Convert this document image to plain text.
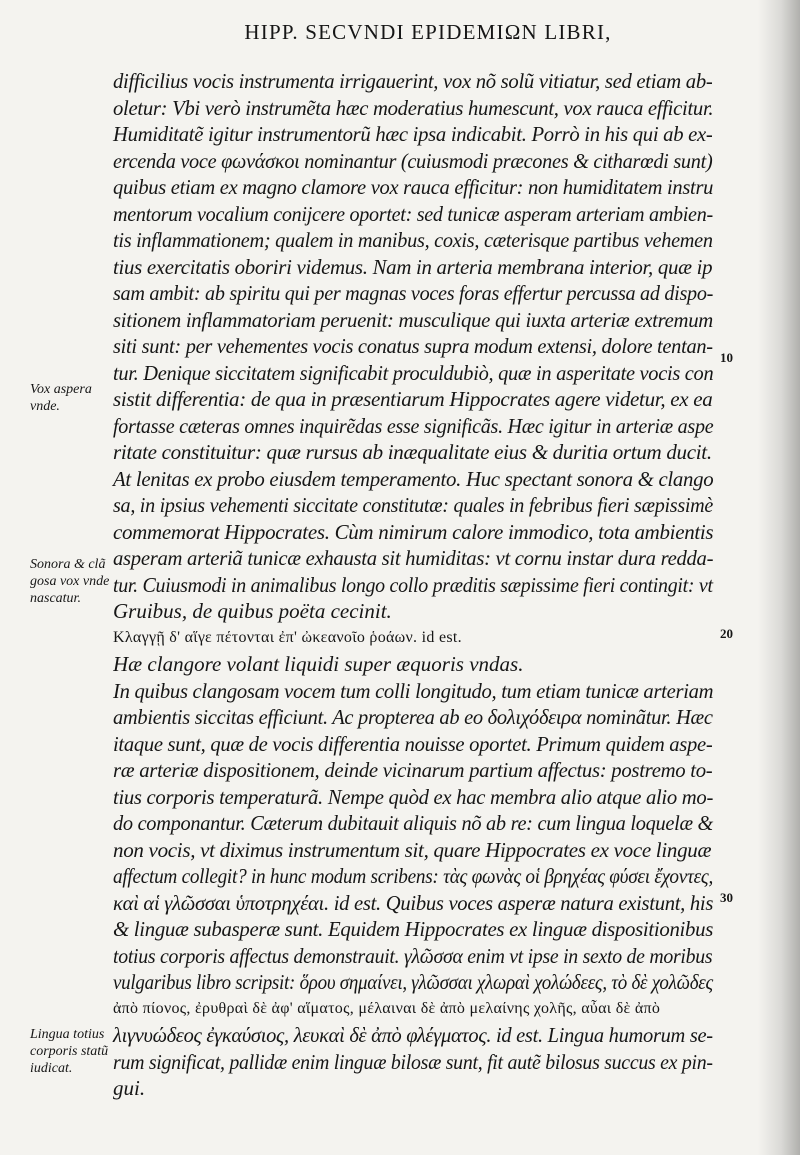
HIPP. SECVNDI EPIDEMIΩN LIBRI,
difficilius vocis instrumenta irrigauerint, vox nõ solũ vitiatur, sed etiam ab-
oletur: Vbi verò instrumẽta hæc moderatius humescunt, vox rauca efficitur.
Humiditatẽ igitur instrumentorũ hæc ipsa indicabit. Porrò in his qui ab ex-
ercenda voce φωνάσκοι nominantur (cuiusmodi præcones & citharœdi sunt)
quibus etiam ex magno clamore vox rauca efficitur: non humiditatem instru
mentorum vocalium conijcere oportet: sed tunicæ asperam arteriam ambien-
tis inflammationem; qualem in manibus, coxis, cæterisque partibus vehemen
tius exercitatis oboriri videmus. Nam in arteria membrana interior, quæ ip
sam ambit: ab spiritu qui per magnas voces foras effertur percussa ad dispo-
sitionem inflammatoriam peruenit: musculique qui iuxta arteriæ extremum
siti sunt: per vehementes vocis conatus supra modum extensi, dolore tentan-
tur. Denique siccitatem significabit proculdubiò, quæ in asperitate vocis con
sistit differentia: de qua in præsentiarum Hippocrates agere videtur, ex ea
fortasse cæteras omnes inquirẽdas esse significãs. Hæc igitur in arteriæ aspe
ritate constituitur: quæ rursus ab inæqualitate eius & duritia ortum ducit.
At lenitas ex probo eiusdem temperamento. Huc spectant sonora & clango
sa, in ipsius vehementi siccitate constitutæ: quales in febribus fieri sæpissimè
commemorat Hippocrates. Cùm nimirum calore immodico, tota ambientis
asperam arteriã tunicæ exhausta sit humiditas: vt cornu instar dura redda-
tur. Cuiusmodi in animalibus longo collo præditis sæpissime fieri contingit: vt
Gruibus, de quibus poëta cecinit.
Κλαγγῇ δ' αἵγε πέτονται ἐπ' ὠκεανοῖο ῥοάων. id est.
Hæ clangore volant liquidi super æquoris vndas.
In quibus clangosam vocem tum colli longitudo, tum etiam tunicæ arteriam
ambientis siccitas efficiunt. Ac propterea ab eo δολιχόδειρα nominãtur. Hæc
itaque sunt, quæ de vocis differentia nouisse oportet. Primum quidem aspe-
ræ arteriæ dispositionem, deinde vicinarum partium affectus: postremo to-
tius corporis temperaturã. Nempe quòd ex hac membra alio atque alio mo-
do componantur. Cæterum dubitauit aliquis nõ ab re: cum lingua loquelæ &
non vocis, vt diximus instrumentum sit, quare Hippocrates ex voce linguæ
affectum collegit? in hunc modum scribens: τὰς φωνὰς οἱ βρηχέας φύσει ἔχοντες,
καὶ αἱ γλῶσσαι ὑποτρηχέαι. id est. Quibus voces asperæ natura existunt, his
& linguæ subasperæ sunt. Equidem Hippocrates ex linguæ dispositionibus
totius corporis affectus demonstrauit. γλῶσσα enim vt ipse in sexto de moribus
vulgaribus libro scripsit: ὅρου σημαίνει, γλῶσσαι χλωραὶ χολώδεες, τὸ δὲ χολῶδες
ἀπὸ πίονος, ἐρυθραὶ δὲ ἀφ' αἵματος, μέλαιναι δὲ ἀπὸ μελαίνης χολῆς, αὖαι δὲ ἀπὸ
λιγνυώδεος ἐγκαύσιος, λευκαὶ δὲ ἀπὸ φλέγματος. id est. Lingua humorum se-
rum significat, pallidæ enim linguæ bilosæ sunt, fit autẽ bilosus succus ex pin-
gui.
Vox aspera
vnde.
Sonora & clã
gosa vox vnde
nascatur.
Lingua totius
corporis statũ
iudicat.
10
20
30
